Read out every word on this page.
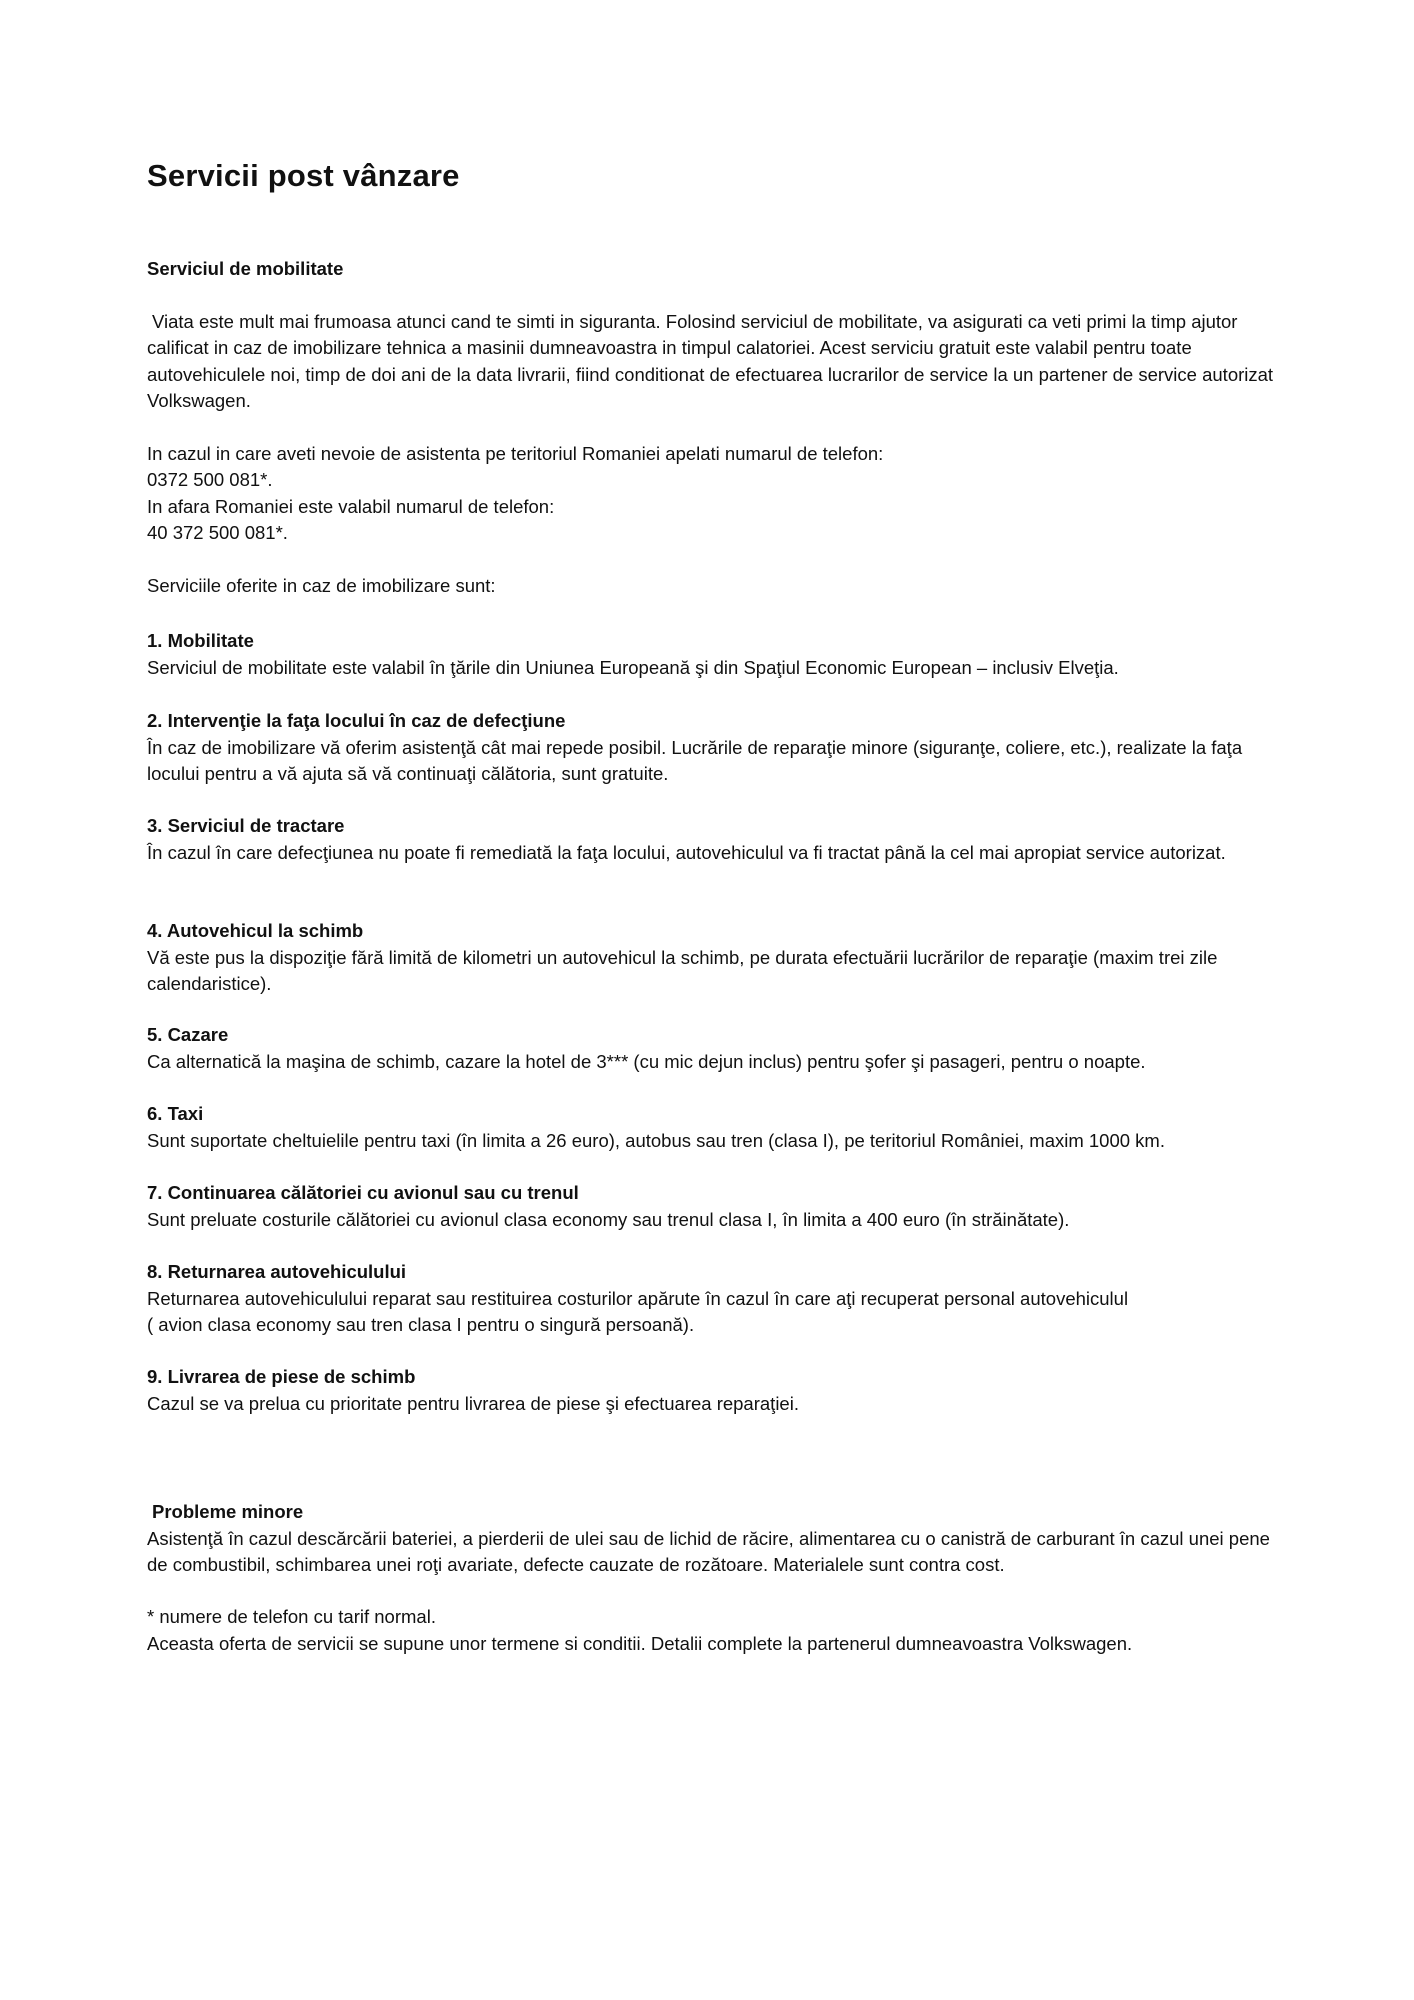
Servicii post vânzare

Serviciul de mobilitate

Viata este mult mai frumoasa atunci cand te simti in siguranta. Folosind serviciul de mobilitate, va asigurati ca veti primi la timp ajutor calificat in caz de imobilizare tehnica a masinii dumneavoastra in timpul calatoriei. Acest serviciu gratuit este valabil pentru toate autovehiculele noi, timp de doi ani de la data livrarii, fiind conditionat de efectuarea lucrarilor de service la un partener de service autorizat Volkswagen.

In cazul in care aveti nevoie de asistenta pe teritoriul Romaniei apelati numarul de telefon:

0372 500 081*.

In afara Romaniei este valabil numarul de telefon:

40 372 500 081*.

Serviciile oferite in caz de imobilizare sunt:

1. Mobilitate

Serviciul de mobilitate este valabil în ţările din Uniunea Europeană şi din Spaţiul Economic European – inclusiv Elveţia.

2. Intervenţie la faţa locului în caz de defecţiune

În caz de imobilizare vă oferim asistenţă cât mai repede posibil. Lucrările de reparaţie minore (siguranţe, coliere, etc.), realizate la faţa locului pentru a vă ajuta să vă continuaţi călătoria, sunt gratuite.

3. Serviciul de tractare

În cazul în care defecţiunea nu poate fi remediată la faţa locului, autovehiculul va fi tractat până la cel mai apropiat service autorizat.

4. Autovehicul la schimb

Vă este pus la dispoziţie fără limită de kilometri un autovehicul la schimb, pe durata efectuării lucrărilor de reparaţie (maxim trei zile calendaristice).

5. Cazare

Ca alternatică la maşina de schimb, cazare la hotel de 3*** (cu mic dejun inclus) pentru şofer şi pasageri, pentru o noapte.

6. Taxi

Sunt suportate cheltuielile pentru taxi (în limita a 26 euro), autobus sau tren (clasa I), pe teritoriul României, maxim 1000 km.

7. Continuarea călătoriei cu avionul sau cu trenul

Sunt preluate costurile călătoriei cu avionul clasa economy sau trenul clasa I, în limita a 400 euro (în străinătate).

8. Returnarea autovehiculului

Returnarea autovehiculului reparat sau restituirea costurilor apărute în cazul în care aţi recuperat personal autovehiculul

( avion clasa economy sau tren clasa I pentru o singură persoană).

9. Livrarea de piese de schimb

Cazul se va prelua cu prioritate pentru livrarea de piese şi efectuarea reparaţiei.

Probleme minore

Asistenţă în cazul descărcării bateriei, a pierderii de ulei sau de lichid de răcire, alimentarea cu o canistră de carburant în cazul unei pene de combustibil, schimbarea unei roţi avariate, defecte cauzate de rozătoare. Materialele sunt contra cost.

* numere de telefon cu tarif normal.

Aceasta oferta de servicii se supune unor termene si conditii. Detalii complete la partenerul dumneavoastra Volkswagen.
